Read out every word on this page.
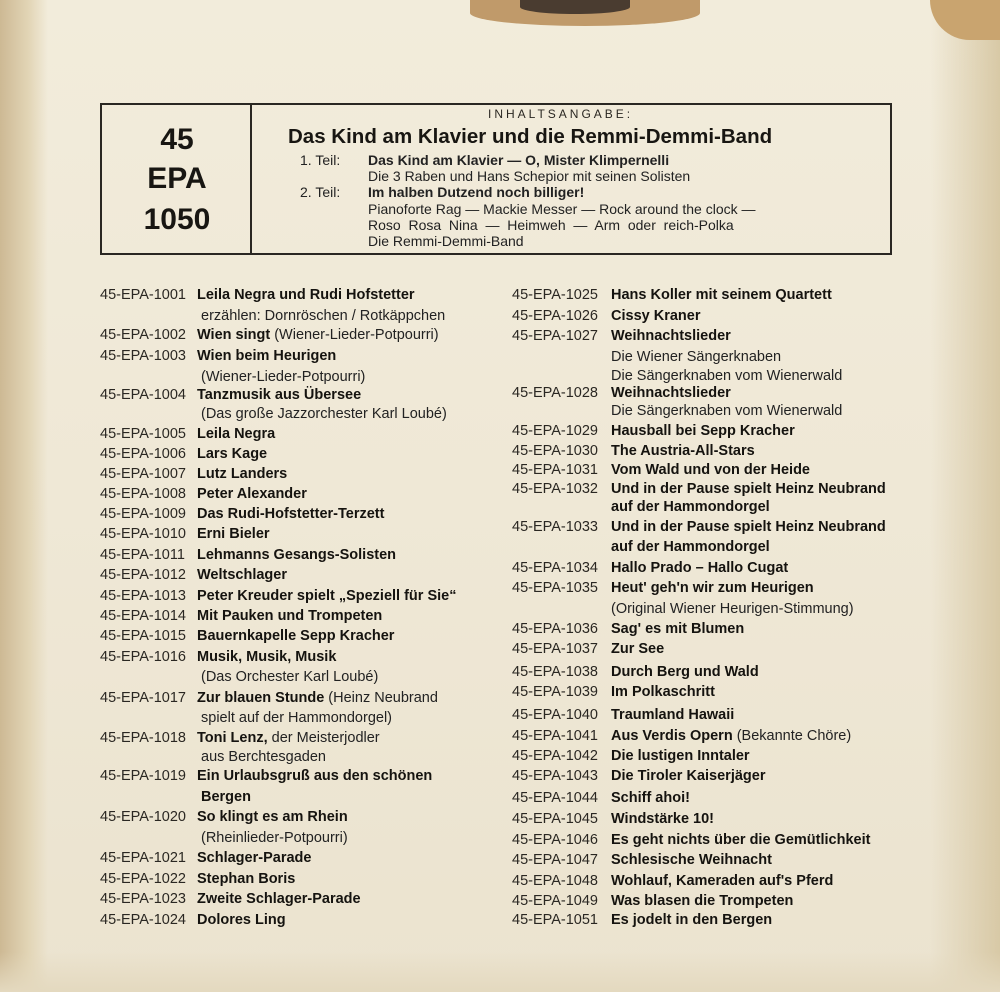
45
EPA
1050
INHALTSANGABE:
Das Kind am Klavier und die Remmi-Demmi-Band
1. Teil: Das Kind am Klavier — O, Mister Klimpernelli
Die 3 Raben und Hans Schepior mit seinen Solisten
2. Teil: Im halben Dutzend noch billiger!
Pianoforte Rag — Mackie Messer — Rock around the clock —
Roso  Rosa  Nina  —  Heimweh  —  Arm  oder  reich-Polka
Die Remmi-Demmi-Band
45-EPA-1001 Leila Negra und Rudi Hofstetter
erzählen: Dornröschen / Rotkäppchen
45-EPA-1002 Wien singt (Wiener-Lieder-Potpourri)
45-EPA-1003 Wien beim Heurigen
(Wiener-Lieder-Potpourri)
45-EPA-1004 Tanzmusik aus Übersee
(Das große Jazzorchester Karl Loubé)
45-EPA-1005 Leila Negra
45-EPA-1006 Lars Kage
45-EPA-1007 Lutz Landers
45-EPA-1008 Peter Alexander
45-EPA-1009 Das Rudi-Hofstetter-Terzett
45-EPA-1010 Erni Bieler
45-EPA-1011 Lehmanns Gesangs-Solisten
45-EPA-1012 Weltschlager
45-EPA-1013 Peter Kreuder spielt „Speziell für Sie“
45-EPA-1014 Mit Pauken und Trompeten
45-EPA-1015 Bauernkapelle Sepp Kracher
45-EPA-1016 Musik, Musik, Musik
(Das Orchester Karl Loubé)
45-EPA-1017 Zur blauen Stunde (Heinz Neubrand
spielt auf der Hammondorgel)
45-EPA-1018 Toni Lenz, der Meisterjodler
aus Berchtesgaden
45-EPA-1019 Ein Urlaubsgruß aus den schönen
Bergen
45-EPA-1020 So klingt es am Rhein
(Rheinlieder-Potpourri)
45-EPA-1021 Schlager-Parade
45-EPA-1022 Stephan Boris
45-EPA-1023 Zweite Schlager-Parade
45-EPA-1024 Dolores Ling
45-EPA-1025 Hans Koller mit seinem Quartett
45-EPA-1026 Cissy Kraner
45-EPA-1027 Weihnachtslieder
Die Wiener Sängerknaben
Die Sängerknaben vom Wienerwald
45-EPA-1028 Weihnachtslieder
Die Sängerknaben vom Wienerwald
45-EPA-1029 Hausball bei Sepp Kracher
45-EPA-1030 The Austria-All-Stars
45-EPA-1031 Vom Wald und von der Heide
45-EPA-1032 Und in der Pause spielt Heinz Neubrand
auf der Hammondorgel
45-EPA-1033 Und in der Pause spielt Heinz Neubrand
auf der Hammondorgel
45-EPA-1034 Hallo Prado – Hallo Cugat
45-EPA-1035 Heut' geh'n wir zum Heurigen
(Original Wiener Heurigen-Stimmung)
45-EPA-1036 Sag' es mit Blumen
45-EPA-1037 Zur See
45-EPA-1038 Durch Berg und Wald
45-EPA-1039 Im Polkaschritt
45-EPA-1040 Traumland Hawaii
45-EPA-1041 Aus Verdis Opern (Bekannte Chöre)
45-EPA-1042 Die lustigen Inntaler
45-EPA-1043 Die Tiroler Kaiserjäger
45-EPA-1044 Schiff ahoi!
45-EPA-1045 Windstärke 10!
45-EPA-1046 Es geht nichts über die Gemütlichkeit
45-EPA-1047 Schlesische Weihnacht
45-EPA-1048 Wohlauf, Kameraden auf's Pferd
45-EPA-1049 Was blasen die Trompeten
45-EPA-1051 Es jodelt in den Bergen
